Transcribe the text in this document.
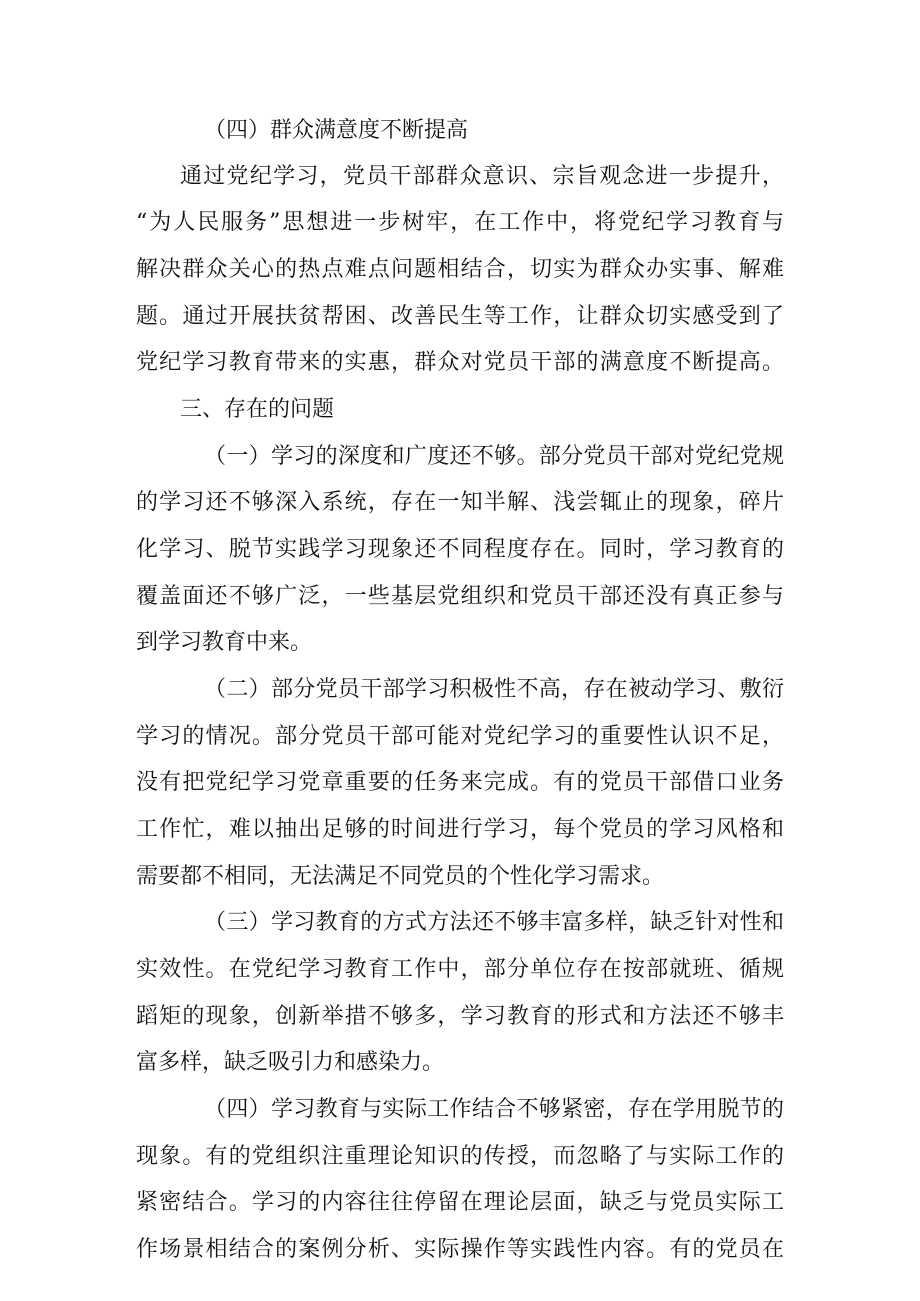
（四）群众满意度不断提高
通过党纪学习，党员干部群众意识、宗旨观念进一步提升，
“为人民服务”思想进一步树牢，在工作中，将党纪学习教育与
解决群众关心的热点难点问题相结合，切实为群众办实事、解难
题。通过开展扶贫帮困、改善民生等工作，让群众切实感受到了
党纪学习教育带来的实惠，群众对党员干部的满意度不断提高。
三、存在的问题
（一）学习的深度和广度还不够。部分党员干部对党纪党规
的学习还不够深入系统，存在一知半解、浅尝辄止的现象，碎片
化学习、脱节实践学习现象还不同程度存在。同时，学习教育的
覆盖面还不够广泛，一些基层党组织和党员干部还没有真正参与
到学习教育中来。
（二）部分党员干部学习积极性不高，存在被动学习、敷衍
学习的情况。部分党员干部可能对党纪学习的重要性认识不足，
没有把党纪学习党章重要的任务来完成。有的党员干部借口业务
工作忙，难以抽出足够的时间进行学习，每个党员的学习风格和
需要都不相同，无法满足不同党员的个性化学习需求。
（三）学习教育的方式方法还不够丰富多样，缺乏针对性和
实效性。在党纪学习教育工作中，部分单位存在按部就班、循规
蹈矩的现象，创新举措不够多，学习教育的形式和方法还不够丰
富多样，缺乏吸引力和感染力。
（四）学习教育与实际工作结合不够紧密，存在学用脱节的
现象。有的党组织注重理论知识的传授，而忽略了与实际工作的
紧密结合。学习的内容往往停留在理论层面，缺乏与党员实际工
作场景相结合的案例分析、实际操作等实践性内容。有的党员在
